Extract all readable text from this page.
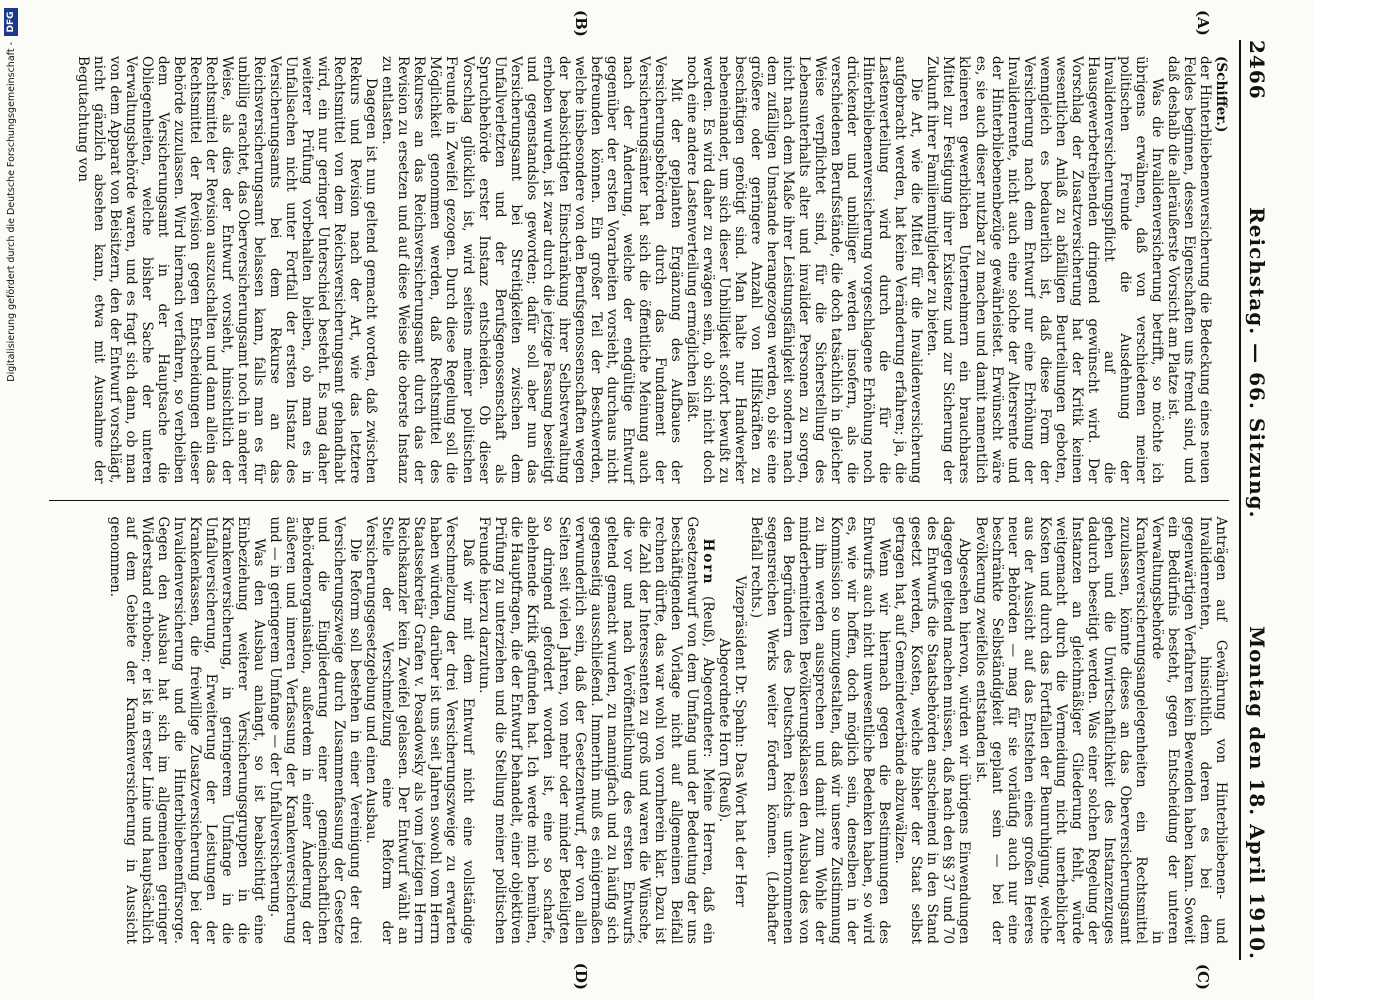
2466
Reichstag. — 66. Sitzung.
Montag den 18. April 1910.
(A)
(B)

(Schiffer.)

der Hinterbliebenenversicherung die Bedeckung eines neuen Feldes beginnen, dessen Eigenschaften uns fremd sind, und daß deshalb die alleräußerste Vorsicht am Platze ist.

Was die Invalidenversicherung betrifft, so möchte ich übrigens erwähnen, daß von verschiedenen meiner politischen Freunde die Ausdehnung der Invalidenversicherungspflicht auf die Hausgewerbetreibenden dringend gewünscht wird. Der Vorschlag der Zusatzversicherung hat der Kritik keinen wesentlichen Anlaß zu abfälligen Beurteilungen geboten, wenngleich es bedauerlich ist, daß diese Form der Versicherung nach dem Entwurf nur eine Erhöhung der Invalidenrente, nicht auch eine solche der Altersrente und der Hinterbliebenenbezüge gewährleistet. Erwünscht wäre es, sie auch dieser nutzbar zu machen und damit namentlich kleineren gewerblichen Unternehmern ein brauchbares Mittel zur Festigung ihrer Existenz und zur Sicherung der Zukunft ihrer Familienmitglieder zu bieten.

Die Art, wie die Mittel für die Invalidenversicherung aufgebracht werden, hat keine Veränderung erfahren; ja, die Lastenverteilung wird durch die für die Hinterbliebenenversicherung vorgeschlagene Erhöhung noch drückender und unbilliger werden insofern, als die verschiedenen Berufsstände, die doch tatsächlich in gleicher Weise verpflichtet sind, für die Sicherstellung des Lebensunterhalts alter und invalider Personen zu sorgen, nicht nach dem Maße ihrer Leistungsfähigkeit sondern nach dem zufälligen Umstande herangezogen werden, ob sie eine größere oder geringere Anzahl von Hilfskräften zu beschäftigen genötigt sind. Man halte nur Handwerker nebeneinander, um sich dieser Unbilligkeit sofort bewußt zu werden. Es wird daher zu erwägen sein, ob sich nicht doch noch eine andere Lastenverteilung ermöglichen läßt.

Mit der geplanten Ergänzung des Aufbaues der Versicherungsbehörden durch das Fundament der Versicherungsämter hat sich die öffentliche Meinung auch nach der Änderung, welche der endgültige Entwurf gegenüber der ersten Vorarbeiten vorsieht, durchaus nicht befreunden können. Ein großer Teil der Beschwerden, welche insbesondere von den Berufsgenossenschaften wegen der beabsichtigten Einschränkung ihrer Selbstverwaltung erhoben wurden, ist zwar durch die jetzige Fassung beseitigt und gegenstandslos geworden; dafür soll aber nun das Versicherungsamt bei Streitigkeiten zwischen dem Unfallverletzten und der Berufsgenossenschaft als Spruchbehörde erster Instanz entscheiden. Ob dieser Vorschlag glücklich ist, wird seitens meiner politischen Freunde in Zweifel gezogen. Durch diese Regelung soll die Möglichkeit genommen werden, daß Rechtsmittel des Rekurses an das Reichsversicherungsamt durch das der Revision zu ersetzen und auf diese Weise die oberste Instanz zu entlasten.

Dagegen ist nun geltend gemacht worden, daß zwischen Rekurs und Revision nach der Art, wie das letztere Rechtsmittel von dem Reichsversicherungsamt gehandhabt wird, ein nur geringer Unterschied besteht. Es mag daher weiterer Prüfung vorbehalten bleiben, ob man es in Unfallsachen nicht unter Fortfall der ersten Instanz des Versicherungsamts bei dem Rekurse an das Reichsversicherungsamt belassen kann, falls man es für unbillig erachtet, das Oberversicherungsamt noch in anderer Weise, als dies der Entwurf vorsieht, hinsichtlich der Rechtsmittel der Revision auszuschalten und dann allein das Rechtsmittel der Revision gegen Entscheidungen dieser Behörde zuzulassen. Wird hiernach verfahren, so verbleiben dem Versicherungsamt in der Hauptsache die Obliegenheiten, welche bisher Sache der unteren Verwaltungsbehörde waren, und es fragt sich dann, ob man von dem Apparat von Beisitzern, den der Entwurf vorschlägt, nicht gänzlich absehen kann, etwa mit Ausnahme der Begutachtung von

(C)
(D)

Anträgen auf Gewährung von Hinterbliebenen- und Invalidenrenten, hinsichtlich deren es bei dem gegenwärtigen Verfahren kein Bewenden haben kann. Soweit ein Bedürfnis besteht, gegen Entscheidung der unteren Verwaltungsbehörde in Krankenversicherungsangelegenheiten ein Rechtsmittel zuzulassen, könnte dieses an das Oberversicherungsamt gehen und die Unwirtschaftlichkeit des Instanzenzuges dadurch beseitigt werden. Was einer solchen Regelung der Instanzen an gleichmäßiger Gliederung fehlt, würde weitgemacht durch die Vermeidung nicht unerheblicher Kosten und durch das Fortfallen der Beunruhigung, welche aus der Aussicht auf das Entstehen eines großen Heeres neuer Behörden — mag für sie vorläufig auch nur eine beschränkte Selbständigkeit geplant sein — bei der Bevölkerung zweifellos entstanden ist.

Abgesehen hiervon, würden wir übrigens Einwendungen dagegen geltend machen müssen, daß nach den §§ 37 und 70 des Entwurfs die Staatsbehörden anscheinend in den Stand gesetzt werden, Kosten, welche bisher der Staat selbst getragen hat, auf Gemeindeverbände abzuwälzen.

Wenn wir hiernach gegen die Bestimmungen des Entwurfs auch nicht unwesentliche Bedenken haben, so wird es, wie wir hoffen, doch möglich sein, denselben in der Kommission so umzugestalten, daß wir unsere Zustimmung zu ihm werden aussprechen und damit zum Wohle der minderbemittelten Bevölkerungsklassen den Ausbau des von den Begründern des Deutschen Reichs unternommenen segensreichen Werks weiter fördern können. (Lebhafter Beifall rechts.)

Vizepräsident Dr. Spahn: Das Wort hat der Herr Abgeordnete Horn (Reuß).

Horn (Reuß), Abgeordneter: Meine Herren, daß ein Gesetzentwurf von dem Umfang und der Bedeutung der uns beschäftigenden Vorlage nicht auf allgemeinen Beifall rechnen dürfte, das war wohl von vornherein klar. Dazu ist die Zahl der Interessenten zu groß und waren die Wünsche, die vor und nach Veröffentlichung des ersten Entwurfs geltend gemacht wurden, zu mannigfach und zu häufig sich gegenseitig ausschließend. Immerhin muß es einigermaßen verwunderlich sein, daß der Gesetzentwurf, der von allen Seiten seit vielen Jahren, von mehr oder minder Beteiligten so dringend gefordert worden ist, eine so scharfe, ablehnende Kritik gefunden hat. Ich werde mich bemühen, die Hauptfragen, die der Entwurf behandelt, einer objektiven Prüfung zu unterziehen und die Stellung meiner politischen Freunde hierzu darzutun.

Daß wir mit dem Entwurf nicht eine vollständige Verschmelzung der drei Versicherungszweige zu erwarten haben würden, darüber ist uns seit Jahren sowohl vom Herrn Staatssekretär Grafen v. Posadowsky als vom jetzigen Herrn Reichskanzler kein Zweifel gelassen. Der Entwurf wählt an Stelle der Verschmelzung eine Reform der Versicherungsgesetzgebung und einen Ausbau.

Die Reform soll bestehen in einer Vereinigung der drei Versicherungszweige durch Zusammenfassung der Gesetze und die Eingliederung einer gemeinschaftlichen Behördenorganisation, außerdem in einer Änderung der äußeren und inneren Verfassung der Krankenversicherung und — in geringerem Umfange — der Unfallversicherung.

Was den Ausbau anlangt, so ist beabsichtigt eine Einbeziehung weiterer Versicherungsgruppen in die Krankenversicherung, in geringerem Umfange in die Unfallversicherung, Erweiterung der Leistungen der Krankenkassen, die freiwillige Zusatzversicherung bei der Invalidenversicherung und die Hinterbliebenenfürsorge. Gegen den Ausbau hat sich im allgemeinen geringer Widerstand erhoben; er ist in erster Linie und hauptsächlich auf dem Gebiete der Krankenversicherung in Aussicht genommen.

Digitalisierung gefördert durch die Deutsche Forschungsgemeinschaft -
DFG
